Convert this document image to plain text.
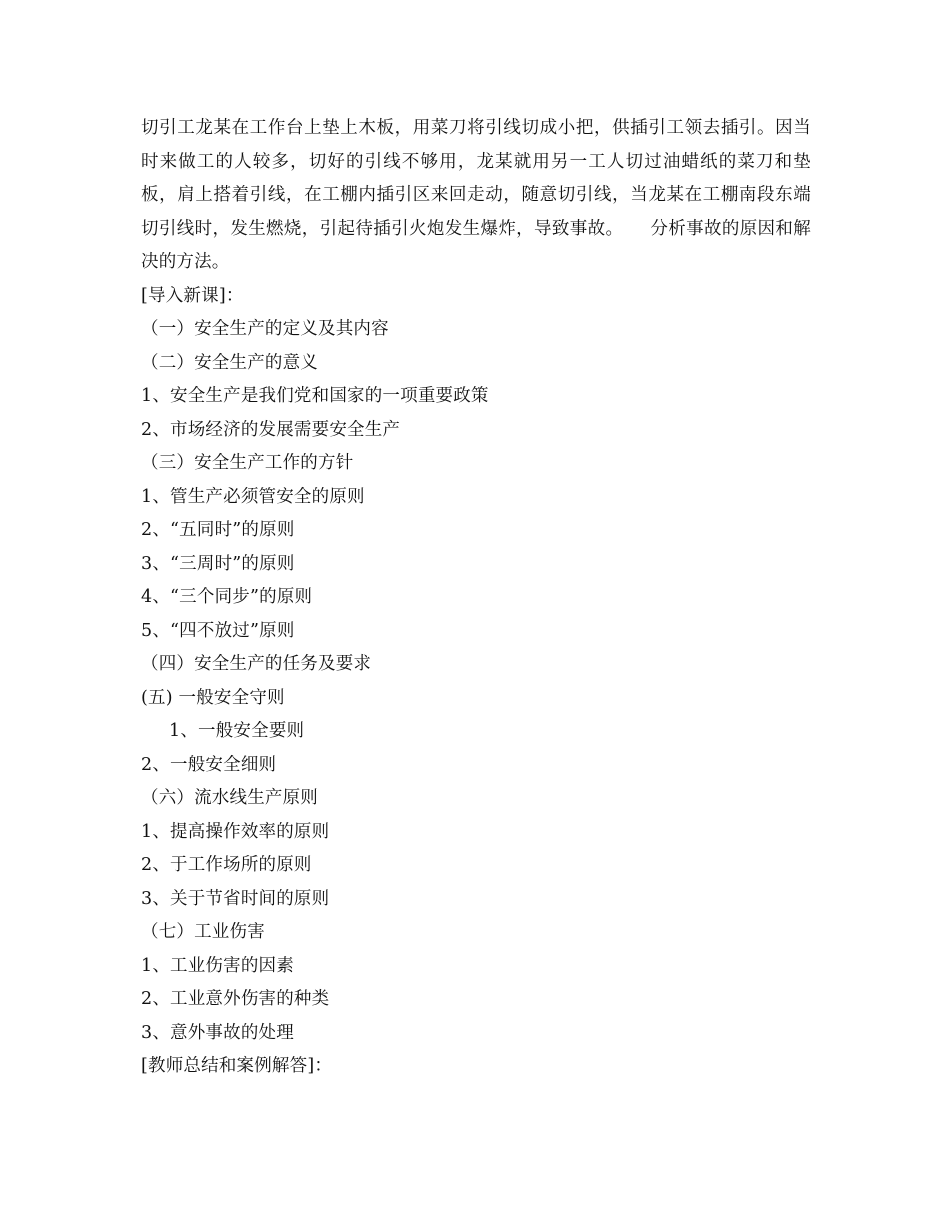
切引工龙某在工作台上垫上木板，用菜刀将引线切成小把，供插引工领去插引。因当时来做工的人较多，切好的引线不够用，龙某就用另一工人切过油蜡纸的菜刀和垫板，肩上搭着引线，在工棚内插引区来回走动，随意切引线，当龙某在工棚南段东端切引线时，发生燃烧，引起待插引火炮发生爆炸，导致事故。　　分析事故的原因和解决的方法。

[导入新课]：

（一）安全生产的定义及其内容

（二）安全生产的意义

1、安全生产是我们党和国家的一项重要政策

2、市场经济的发展需要安全生产

（三）安全生产工作的方针

1、管生产必须管安全的原则

2、“五同时”的原则

3、“三周时”的原则

4、“三个同步”的原则

5、“四不放过”原则

（四）安全生产的任务及要求

(五) 一般安全守则

1、一般安全要则

2、一般安全细则

（六）流水线生产原则

1、提高操作效率的原则

2、于工作场所的原则

3、关于节省时间的原则

（七）工业伤害

1、工业伤害的因素

2、工业意外伤害的种类

3、意外事故的处理

[教师总结和案例解答]：
